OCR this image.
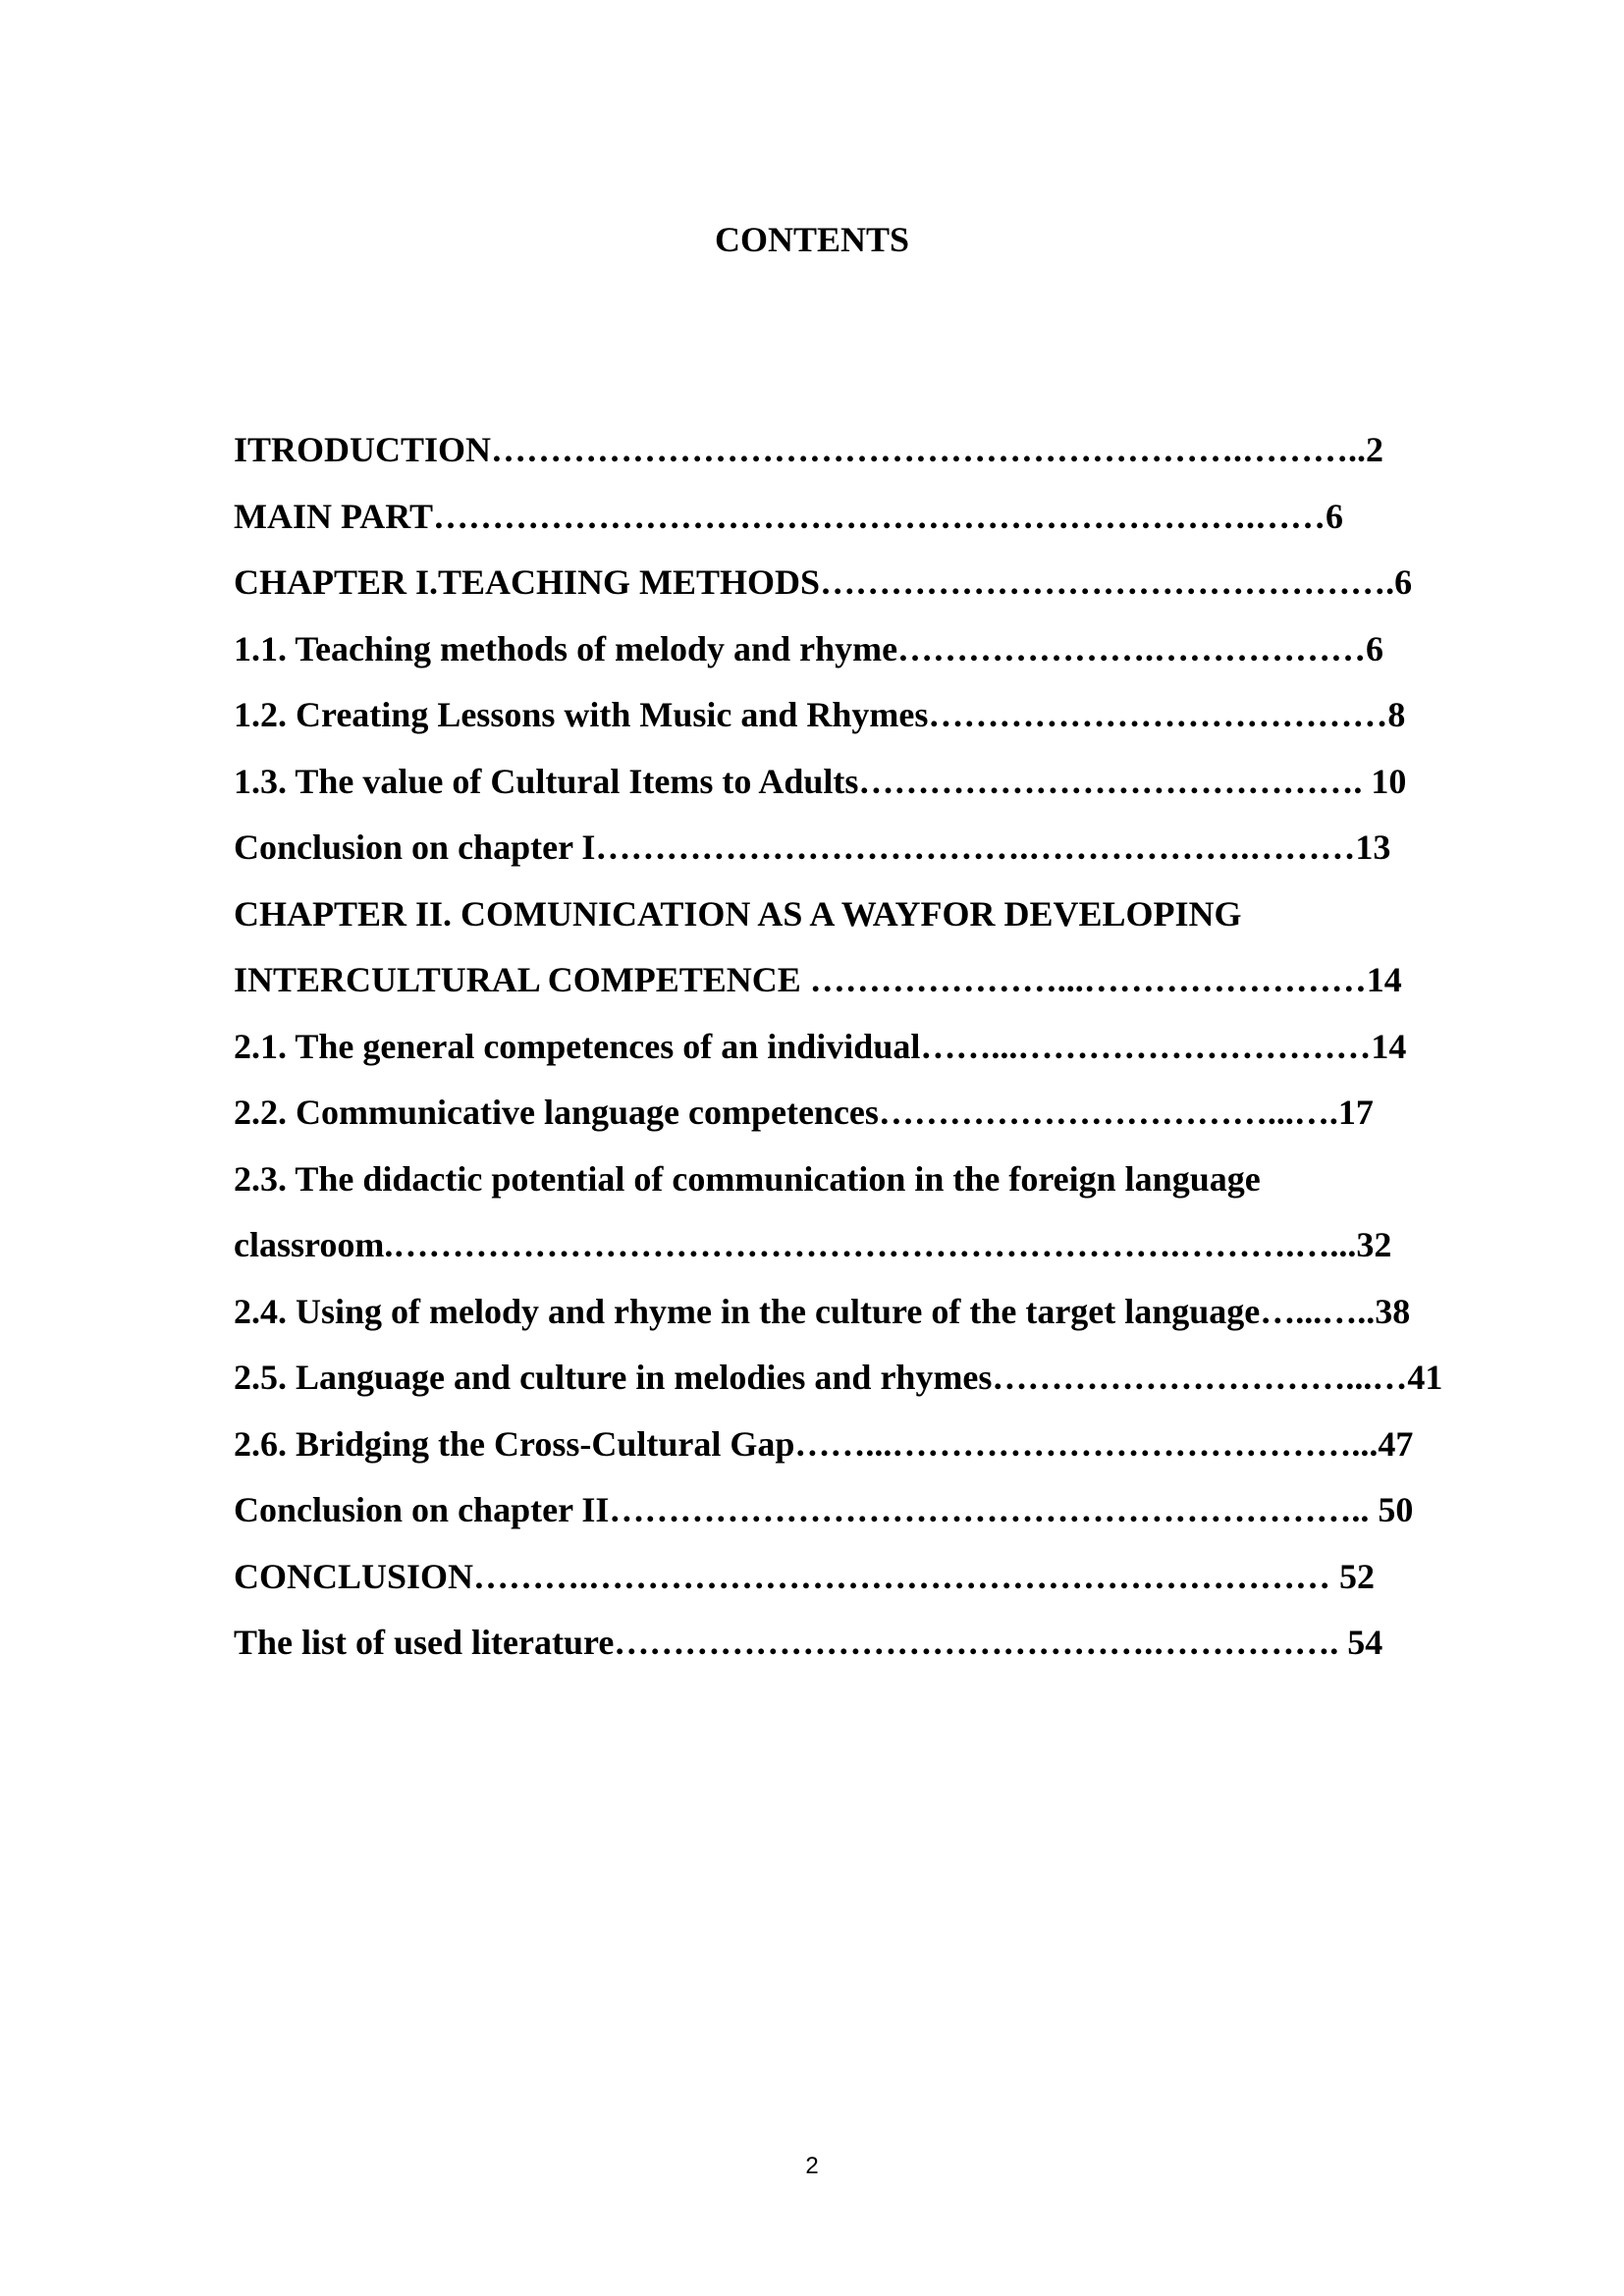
CONTENTS
ITRODUCTION……………………………………………………….………..2
MAIN PART…………………………………………………………….……6
CHAPTER I.TEACHING METHODS………………………………………….6
1.1. Teaching methods of melody and rhyme………………….………………6
1.2. Creating Lessons with Music and Rhymes…………………………………8
1.3. The value of Cultural Items to Adults……………………………………. 10
Conclusion on chapter I……………………………….……………….………13
CHAPTER II. COMUNICATION AS A WAYFOR DEVELOPING
INTERCULTURAL COMPETENCE …………………...……………………14
2.1. The general competences of an individual……...…………………………14
2.2. Communicative language competences……………………………...….17
2.3. The didactic potential of communication in the foreign language
classroom.………………………………………………………….……….…...32
2.4. Using of melody and rhyme in the culture of the target language…...…..38
2.5. Language and culture in melodies and rhymes…………………………...…41
2.6. Bridging the Cross-Cultural Gap……...…………………………………...47
Conclusion on chapter II……………………………………………………….. 50
CONCLUSION……….……………………………………………………… 52
The list of used literature……………………………………….……………. 54
2
